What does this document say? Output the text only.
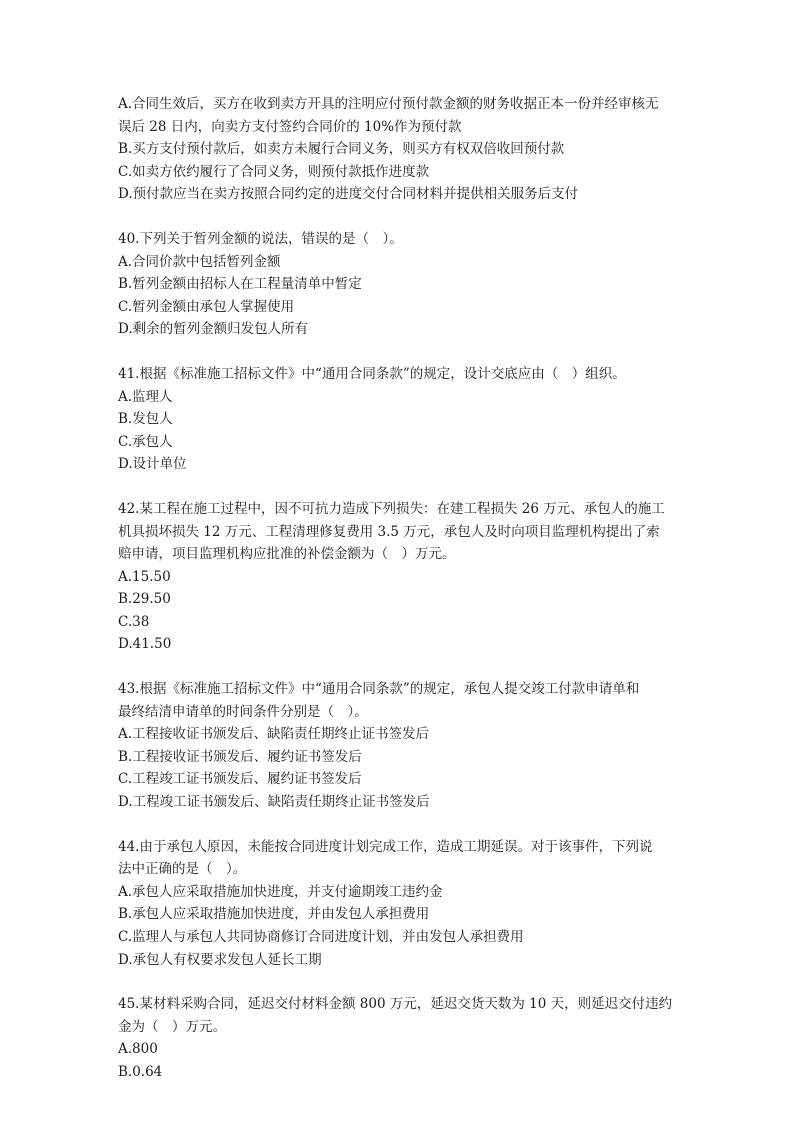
A.合同生效后，买方在收到卖方开具的注明应付预付款金额的财务收据正本一份并经审核无
误后 28 日内，向卖方支付签约合同价的 10%作为预付款
B.买方支付预付款后，如卖方未履行合同义务，则买方有权双倍收回预付款
C.如卖方依约履行了合同义务，则预付款抵作进度款
D.预付款应当在卖方按照合同约定的进度交付合同材料并提供相关服务后支付
40.下列关于暂列金额的说法，错误的是（　）。
A.合同价款中包括暂列金额
B.暂列金额由招标人在工程量清单中暂定
C.暂列金额由承包人掌握使用
D.剩余的暂列金额归发包人所有
41.根据《标准施工招标文件》中“通用合同条款”的规定，设计交底应由（　）组织。
A.监理人
B.发包人
C.承包人
D.设计单位
42.某工程在施工过程中，因不可抗力造成下列损失：在建工程损失 26 万元、承包人的施工
机具损坏损失 12 万元、工程清理修复费用 3.5 万元，承包人及时向项目监理机构提出了索
赔申请，项目监理机构应批准的补偿金额为（　）万元。
A.15.50
B.29.50
C.38
D.41.50
43.根据《标准施工招标文件》中“通用合同条款”的规定，承包人提交竣工付款申请单和
最终结清申请单的时间条件分别是（　）。
A.工程接收证书颁发后、缺陷责任期终止证书签发后
B.工程接收证书颁发后、履约证书签发后
C.工程竣工证书颁发后、履约证书签发后
D.工程竣工证书颁发后、缺陷责任期终止证书签发后
44.由于承包人原因，未能按合同进度计划完成工作，造成工期延误。对于该事件，下列说
法中正确的是（　）。
A.承包人应采取措施加快进度，并支付逾期竣工违约金
B.承包人应采取措施加快进度，并由发包人承担费用
C.监理人与承包人共同协商修订合同进度计划，并由发包人承担费用
D.承包人有权要求发包人延长工期
45.某材料采购合同，延迟交付材料金额 800 万元，延迟交货天数为 10 天，则延迟交付违约
金为（　）万元。
A.800
B.0.64
